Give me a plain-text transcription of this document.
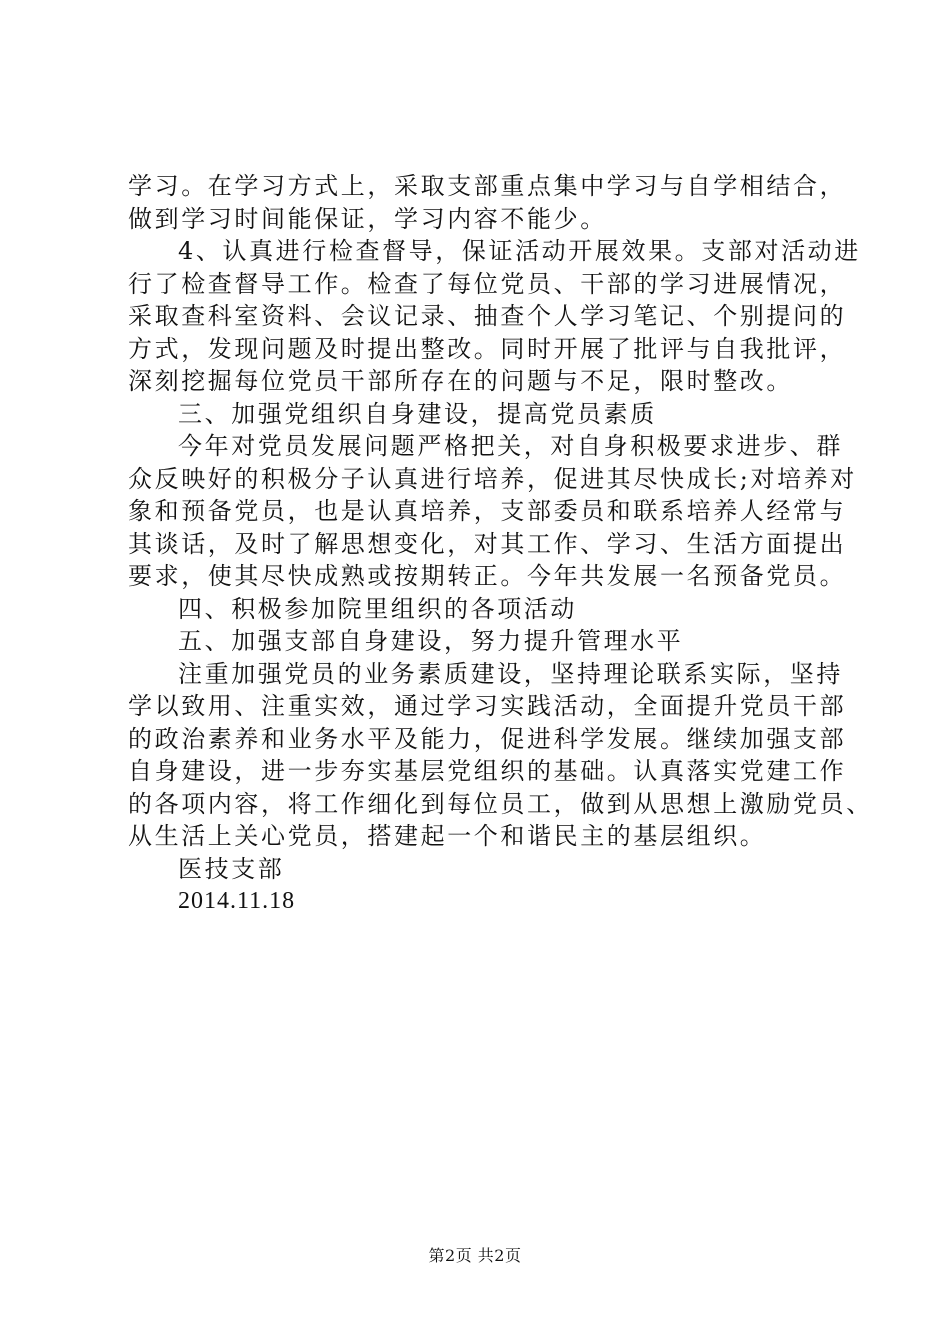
学习。在学习方式上，采取支部重点集中学习与自学相结合，
做到学习时间能保证，学习内容不能少。
4、认真进行检查督导，保证活动开展效果。支部对活动进
行了检查督导工作。检查了每位党员、干部的学习进展情况，
采取查科室资料、会议记录、抽查个人学习笔记、个别提问的
方式，发现问题及时提出整改。同时开展了批评与自我批评，
深刻挖掘每位党员干部所存在的问题与不足，限时整改。
三、加强党组织自身建设，提高党员素质
今年对党员发展问题严格把关，对自身积极要求进步、群
众反映好的积极分子认真进行培养，促进其尽快成长;对培养对
象和预备党员，也是认真培养，支部委员和联系培养人经常与
其谈话，及时了解思想变化，对其工作、学习、生活方面提出
要求，使其尽快成熟或按期转正。今年共发展一名预备党员。
四、积极参加院里组织的各项活动
五、加强支部自身建设，努力提升管理水平
注重加强党员的业务素质建设，坚持理论联系实际，坚持
学以致用、注重实效，通过学习实践活动，全面提升党员干部
的政治素养和业务水平及能力，促进科学发展。继续加强支部
自身建设，进一步夯实基层党组织的基础。认真落实党建工作
的各项内容，将工作细化到每位员工，做到从思想上激励党员、
从生活上关心党员，搭建起一个和谐民主的基层组织。
医技支部
2014.11.18
第2页 共2页
